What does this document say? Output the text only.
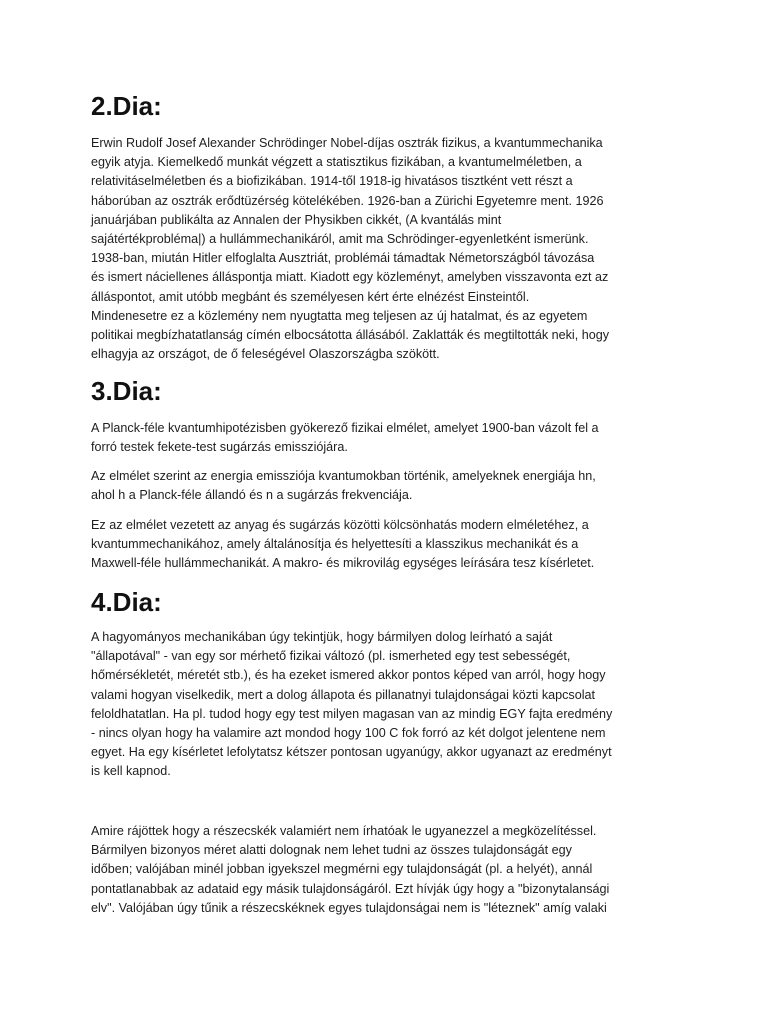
2.Dia:

Erwin Rudolf Josef Alexander Schrödinger Nobel-díjas osztrák fizikus, a kvantummechanika
egyik atyja. Kiemelkedő munkát végzett a statisztikus fizikában, a kvantumelméletben, a
relativitáselméletben és a biofizikában. 1914-től 1918-ig hivatásos tisztként vett részt a
háborúban az osztrák erődtüzérség kötelékében. 1926-ban a Zürichi Egyetemre ment. 1926
januárjában publikálta az Annalen der Physikben cikkét, (A kvantálás mint
sajátértékprobléma|) a hullámmechanikáról, amit ma Schrödinger-egyenletként ismerünk.
1938-ban, miután Hitler elfoglalta Ausztriát, problémái támadtak Németországból távozása
és ismert náciellenes álláspontja miatt. Kiadott egy közleményt, amelyben visszavonta ezt az
álláspontot, amit utóbb megbánt és személyesen kért érte elnézést Einsteintől.
Mindenesetre ez a közlemény nem nyugtatta meg teljesen az új hatalmat, és az egyetem
politikai megbízhatatlanság címén elbocsátotta állásából. Zaklatták és megtiltották neki, hogy
elhagyja az országot, de ő feleségével Olaszországba szökött.

3.Dia:

A Planck-féle kvantumhipotézisben gyökerező fizikai elmélet, amelyet 1900-ban vázolt fel a
forró testek fekete-test sugárzás emissziójára.

Az elmélet szerint az energia emissziója kvantumokban történik, amelyeknek energiája hn,
ahol h a Planck-féle állandó és n a sugárzás frekvenciája.

Ez az elmélet vezetett az anyag és sugárzás közötti kölcsönhatás modern elméletéhez, a
kvantummechanikához, amely általánosítja és helyettesíti a klasszikus mechanikát és a
Maxwell-féle hullámmechanikát. A makro- és mikrovilág egységes leírására tesz kísérletet.

4.Dia:

A hagyományos mechanikában úgy tekintjük, hogy bármilyen dolog leírható a saját
"állapotával" - van egy sor mérhető fizikai változó (pl. ismerheted egy test sebességét,
hőmérsékletét, méretét stb.), és ha ezeket ismered akkor pontos képed van arról, hogy hogy
valami hogyan viselkedik, mert a dolog állapota és pillanatnyi tulajdonságai közti kapcsolat
feloldhatatlan. Ha pl. tudod hogy egy test milyen magasan van az mindig EGY fajta eredmény
- nincs olyan hogy ha valamire azt mondod hogy 100 C fok forró az két dolgot jelentene nem
egyet. Ha egy kísérletet lefolytatsz kétszer pontosan ugyanúgy, akkor ugyanazt az eredményt
is kell kapnod.

Amire rájöttek hogy a részecskék valamiért nem írhatóak le ugyanezzel a megközelítéssel.
Bármilyen bizonyos méret alatti dolognak nem lehet tudni az összes tulajdonságát egy
időben; valójában minél jobban igyekszel megmérni egy tulajdonságát (pl. a helyét), annál
pontatlanabbak az adataid egy másik tulajdonságáról. Ezt hívják úgy hogy a "bizonytalansági
elv". Valójában úgy tűnik a részecskéknek egyes tulajdonságai nem is "léteznek" amíg valaki
